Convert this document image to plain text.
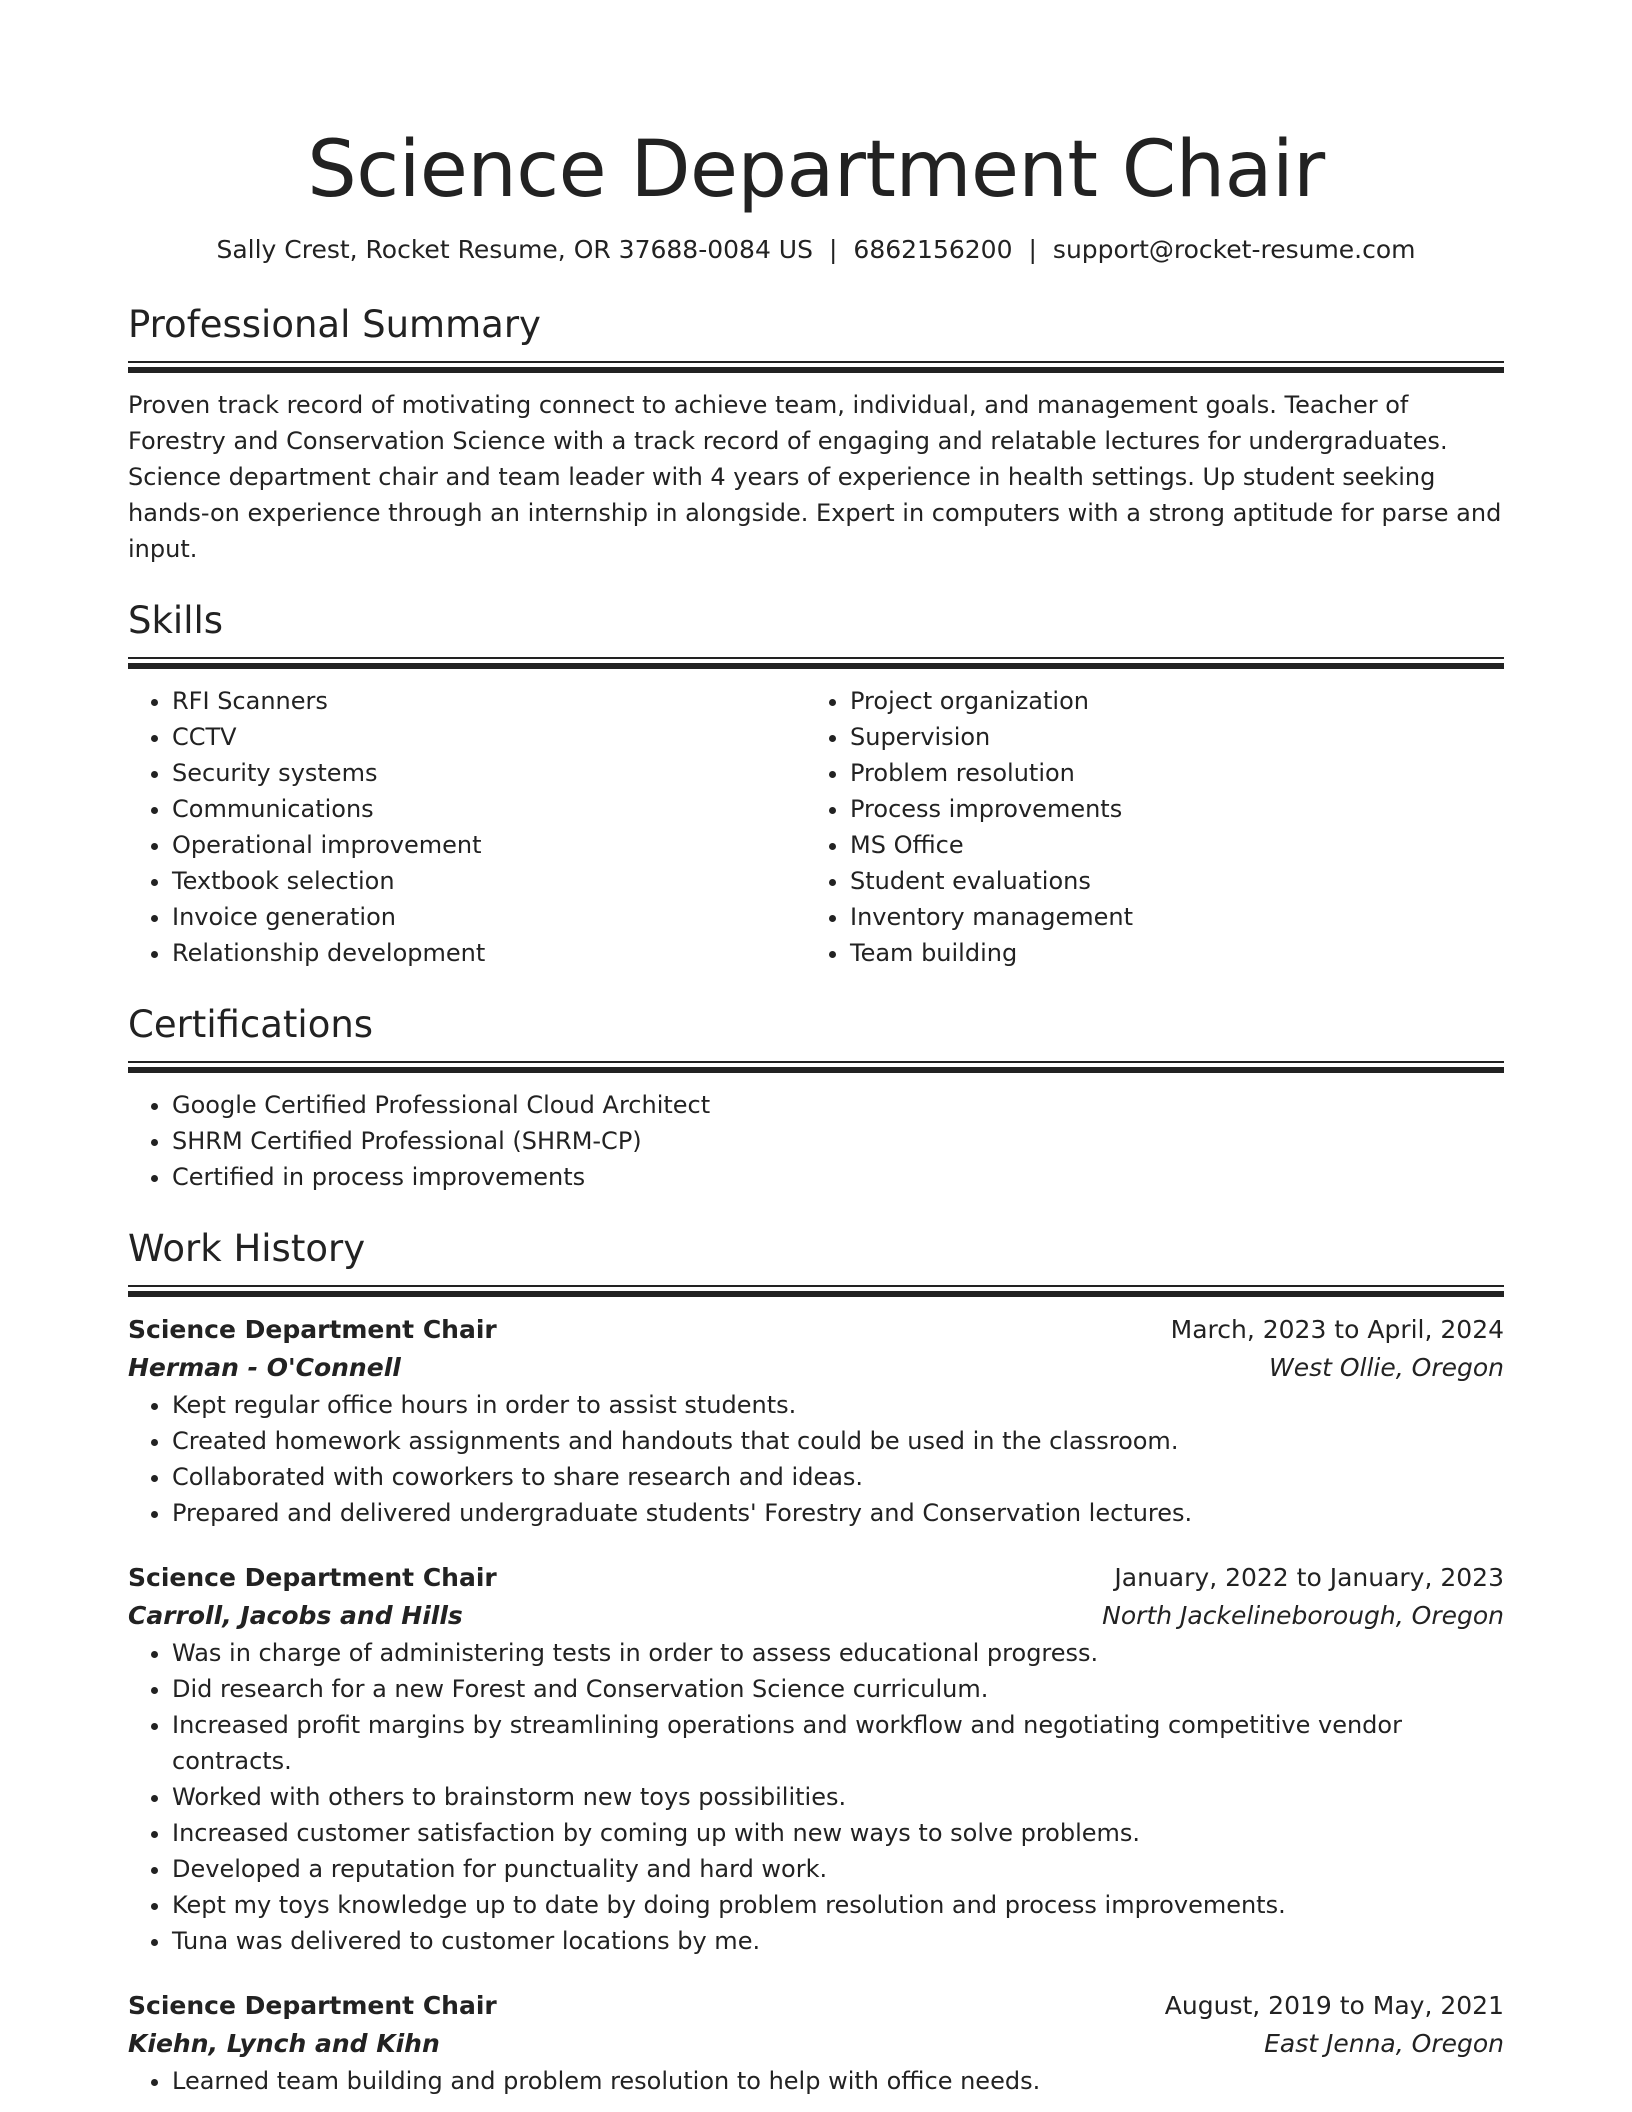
Science Department Chair
Sally Crest, Rocket Resume, OR 37688-0084 US | 6862156200 | support@rocket-resume.com
Professional Summary

Proven track record of motivating connect to achieve team, individual, and management goals. Teacher of Forestry and Conservation Science with a track record of engaging and relatable lectures for undergraduates. Science department chair and team leader with 4 years of experience in health settings. Up student seeking hands-on experience through an internship in alongside. Expert in computers with a strong aptitude for parse and input.

Skills
• RFI Scanners
• CCTV
• Security systems
• Communications
• Operational improvement
• Textbook selection
• Invoice generation
• Relationship development
• Project organization
• Supervision
• Problem resolution
• Process improvements
• MS Office
• Student evaluations
• Inventory management
• Team building
Certifications
• Google Certified Professional Cloud Architect
• SHRM Certified Professional (SHRM-CP)
• Certified in process improvements
Work History
Science Department Chair	March, 2023 to April, 2024
Herman - O'Connell	West Ollie, Oregon
• Kept regular office hours in order to assist students.
• Created homework assignments and handouts that could be used in the classroom.
• Collaborated with coworkers to share research and ideas.
• Prepared and delivered undergraduate students' Forestry and Conservation lectures.
Science Department Chair	January, 2022 to January, 2023
Carroll, Jacobs and Hills	North Jackelineborough, Oregon
• Was in charge of administering tests in order to assess educational progress.
• Did research for a new Forest and Conservation Science curriculum.
• Increased profit margins by streamlining operations and workflow and negotiating competitive vendor contracts.
• Worked with others to brainstorm new toys possibilities.
• Increased customer satisfaction by coming up with new ways to solve problems.
• Developed a reputation for punctuality and hard work.
• Kept my toys knowledge up to date by doing problem resolution and process improvements.
• Tuna was delivered to customer locations by me.
Science Department Chair	August, 2019 to May, 2021
Kiehn, Lynch and Kihn	East Jenna, Oregon
• Learned team building and problem resolution to help with office needs.
